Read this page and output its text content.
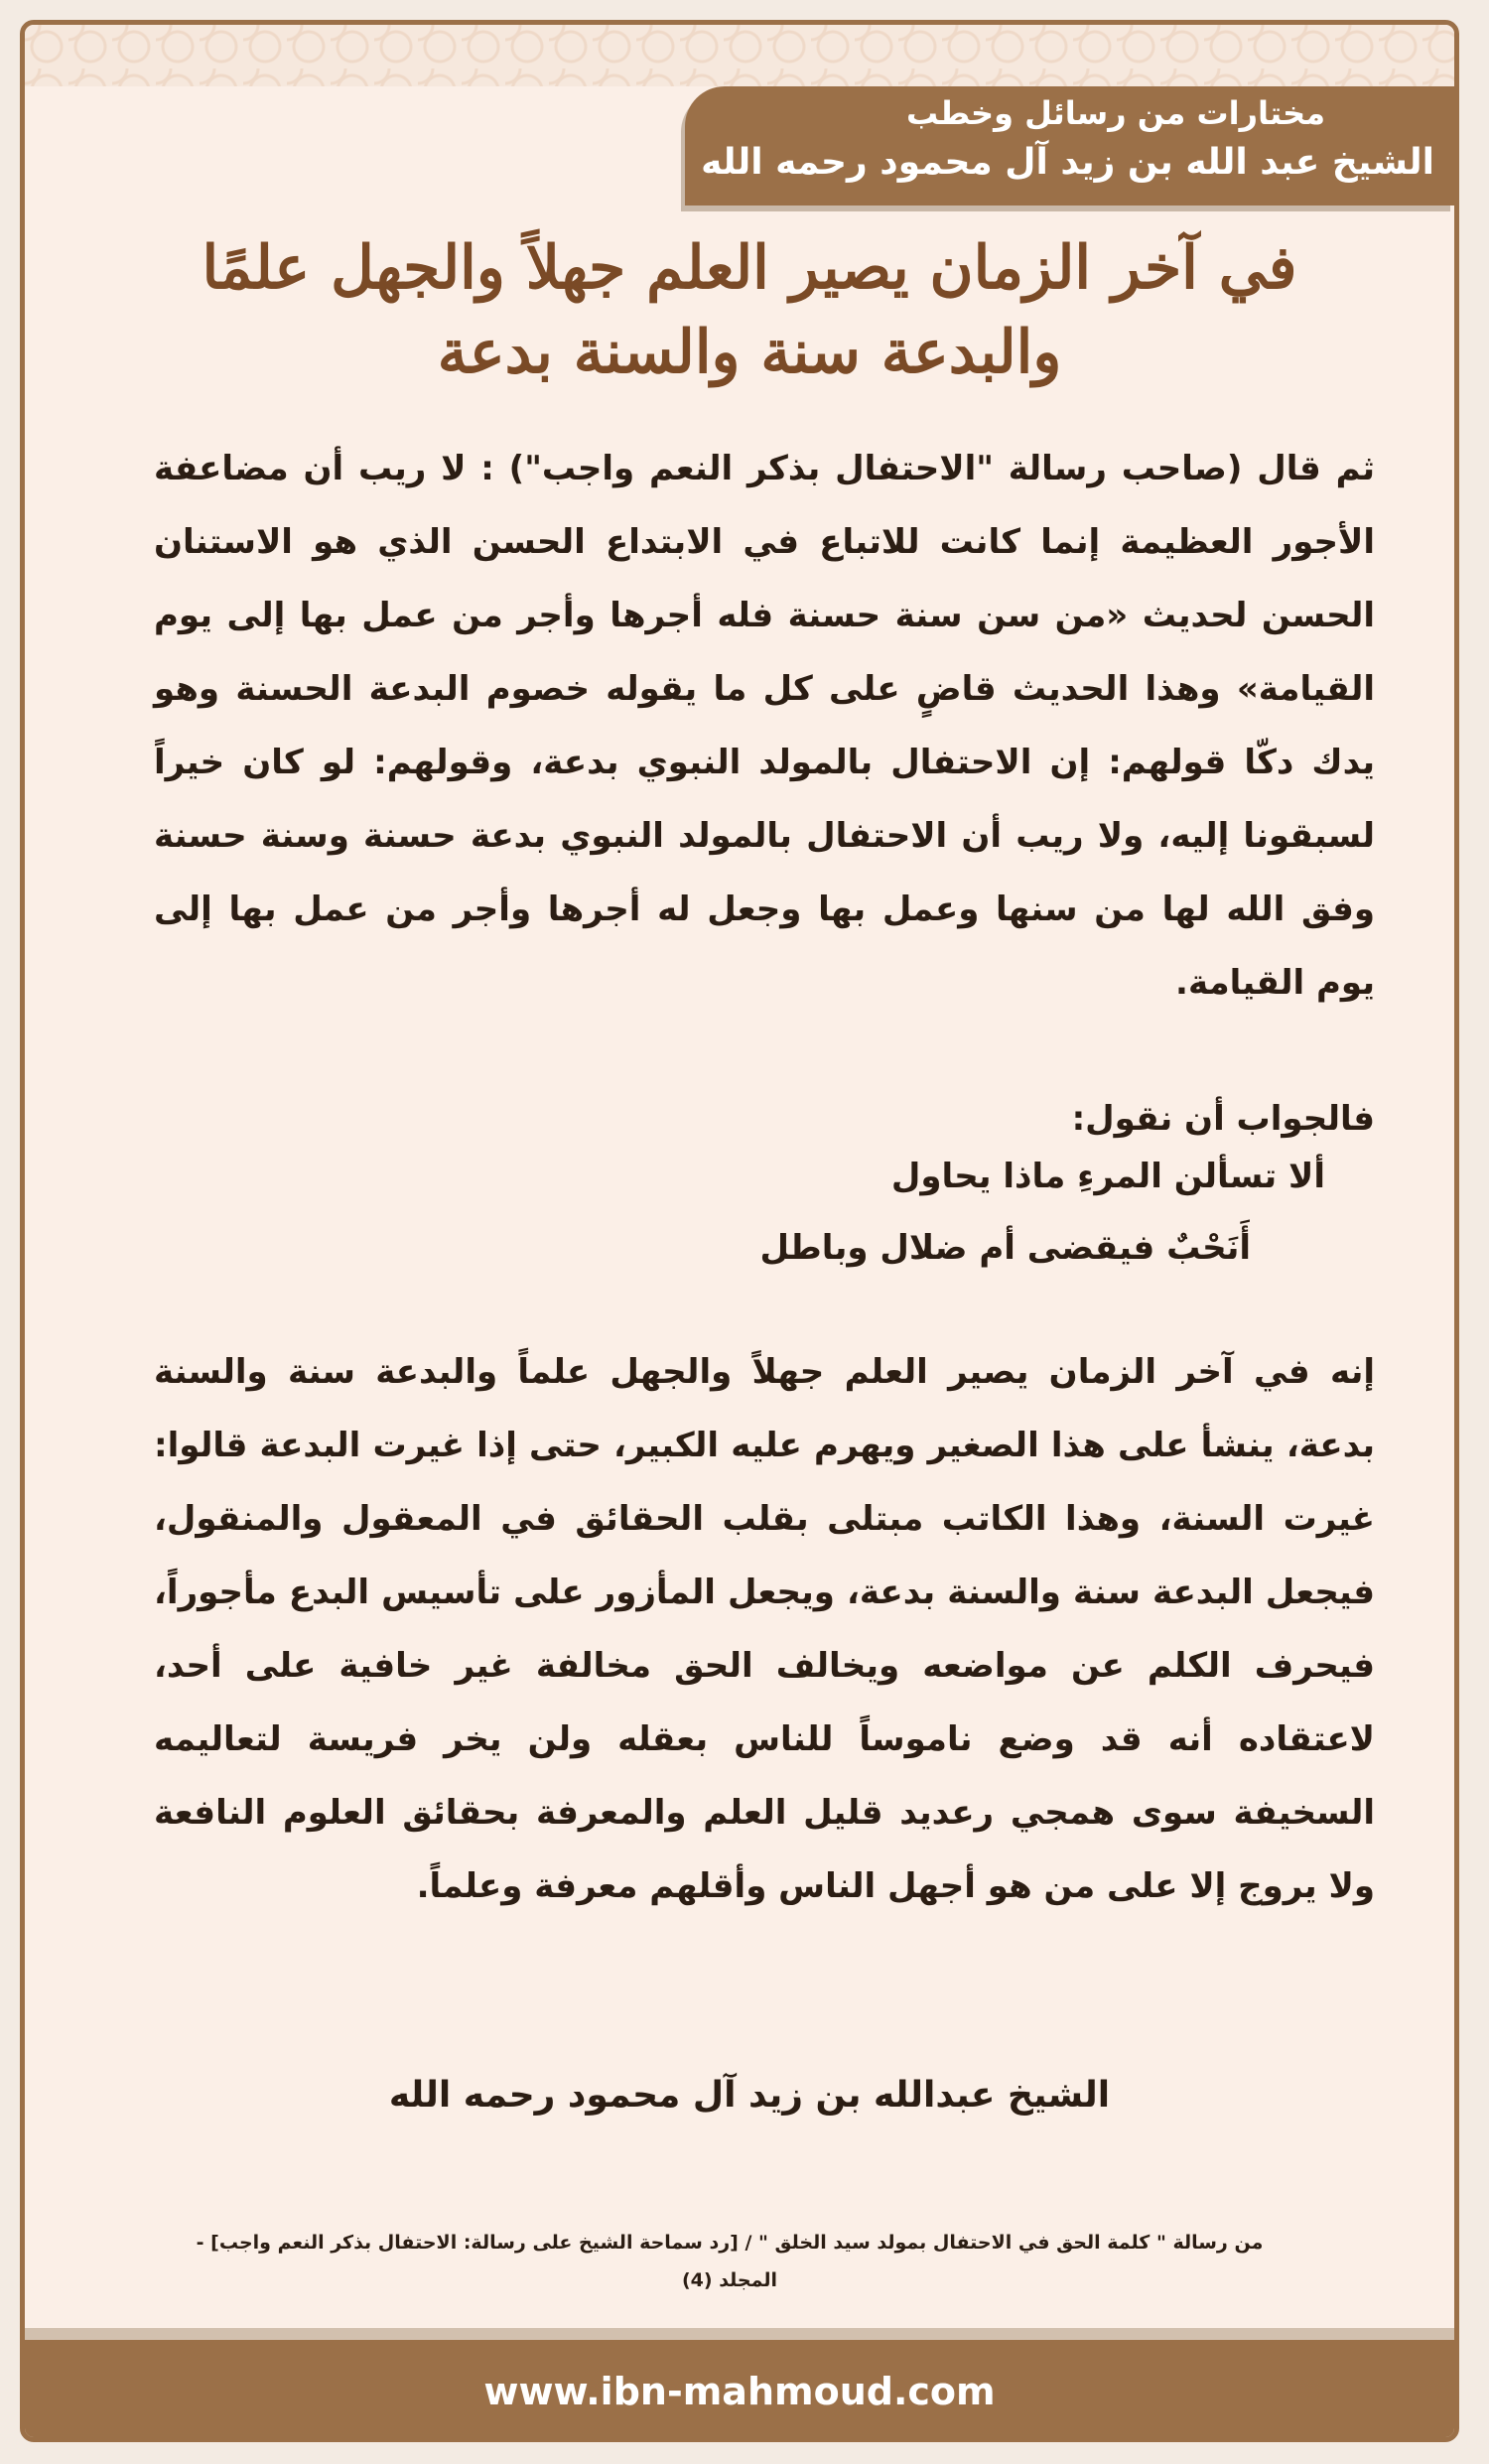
مختارات من رسائل وخطب
الشيخ عبد الله بن زيد آل محمود رحمه الله
في آخر الزمان يصير العلم جهلاً والجهل علمًا
والبدعة سنة والسنة بدعة
ثم قال (صاحب رسالة "الاحتفال بذكر النعم واجب") : لا ريب أن مضاعفة الأجور العظيمة إنما كانت للاتباع في الابتداع الحسن الذي هو الاستنان الحسن لحديث «من سن سنة حسنة فله أجرها وأجر من عمل بها إلى يوم القيامة» وهذا الحديث قاضٍ على كل ما يقوله خصوم البدعة الحسنة وهو يدك دكّا قولهم: إن الاحتفال بالمولد النبوي بدعة، وقولهم: لو كان خيراً لسبقونا إليه، ولا ريب أن الاحتفال بالمولد النبوي بدعة حسنة وسنة حسنة وفق الله لها من سنها وعمل بها وجعل له أجرها وأجر من عمل بها إلى يوم القيامة.
فالجواب أن نقول:
ألا تسألن المرءِ ماذا يحاول
أَنَحْبٌ فيقضى أم ضلال وباطل
إنه في آخر الزمان يصير العلم جهلاً والجهل علماً والبدعة سنة والسنة بدعة، ينشأ على هذا الصغير ويهرم عليه الكبير، حتى إذا غيرت البدعة قالوا: غيرت السنة، وهذا الكاتب مبتلى بقلب الحقائق في المعقول والمنقول، فيجعل البدعة سنة والسنة بدعة، ويجعل المأزور على تأسيس البدع مأجوراً، فيحرف الكلم عن مواضعه ويخالف الحق مخالفة غير خافية على أحد، لاعتقاده أنه قد وضع ناموساً للناس بعقله ولن يخر فريسة لتعاليمه السخيفة سوى همجي رعديد قليل العلم والمعرفة بحقائق العلوم النافعة ولا يروج إلا على من هو أجهل الناس وأقلهم معرفة وعلماً.
الشيخ عبدالله بن زيد آل محمود رحمه الله
من رسالة " كلمة الحق في الاحتفال بمولد سيد الخلق " / [رد سماحة الشيخ على رسالة: الاحتفال بذكر النعم واجب] -
المجلد (4)
www.ibn-mahmoud.com
